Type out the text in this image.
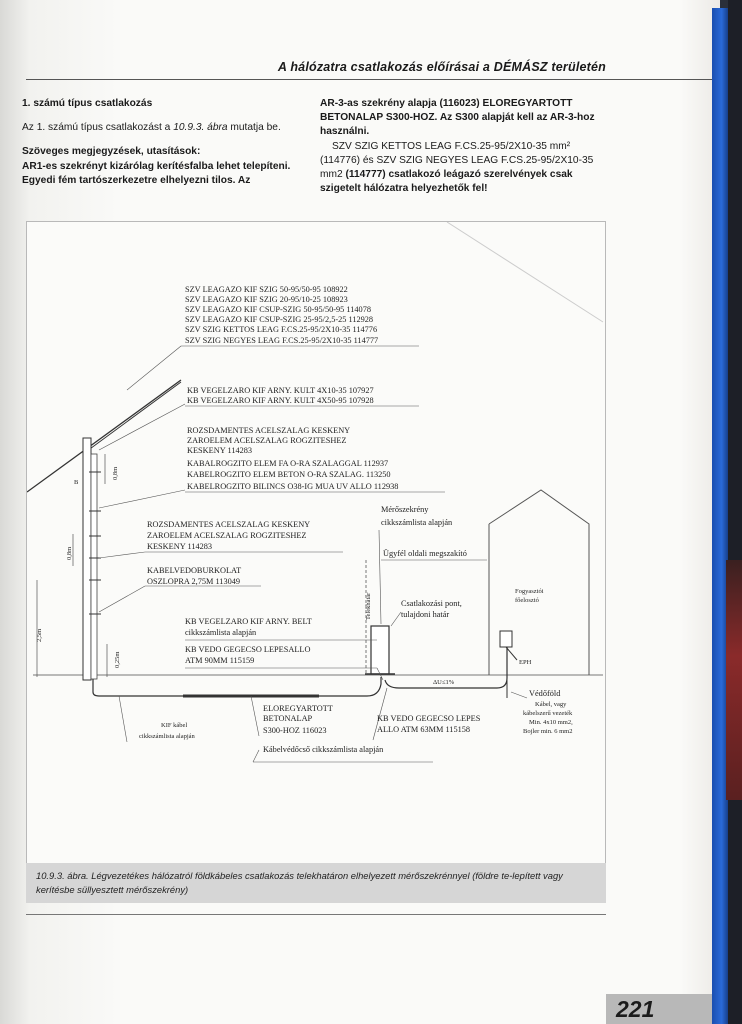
A hálózatra csatlakozás előírásai a DÉMÁSZ területén

1. számú típus csatlakozás

Az 1. számú típus csatlakozást a 10.9.3. ábra mutatja be.

Szöveges megjegyzések, utasítások:

AR1-es szekrényt kizárólag kerítésfalba lehet telepíteni. Egyedi fém tartószerkezetre elhelyezni tilos. Az

AR-3-as szekrény alapja (116023) ELOREGYARTOTT BETONALAP S300-HOZ. Az S300 alapját kell az AR-3-hoz használni.

SZV SZIG KETTOS LEAG F.CS.25-95/2X10-35 mm² (114776) és SZV SZIG NEGYES LEAG F.CS.25-95/2X10-35 mm2 (114777) csatlakozó leágazó szerelvények csak szigetelt hálózatra helyezhetők fel!

SZV LEAGAZO KIF SZIG 50-95/50-95 108922
SZV LEAGAZO KIF SZIG 20-95/10-25 108923
SZV LEAGAZO KIF CSUP-SZIG 50-95/50-95 114078
SZV LEAGAZO KIF CSUP-SZIG 25-95/2,5-25 112928
SZV SZIG KETTOS LEAG F.CS.25-95/2X10-35 114776
SZV SZIG NEGYES LEAG F.CS.25-95/2X10-35 114777
KB VEGELZARO KIF ARNY. KULT 4X10-35 107927
KB VEGELZARO KIF ARNY. KULT 4X50-95 107928
ROZSDAMENTES ACELSZALAG KESKENY
ZAROELEM ACELSZALAG ROGZITESHEZ
KESKENY 114283
KABALROGZITO ELEM FA O-RA SZALAGGAL 112937
KABELROGZITO ELEM BETON O-RA SZALAG. 113250
KABELROGZITO BILINCS O38-IG MUA UV ALLO 112938
ROZSDAMENTES ACELSZALAG KESKENY
ZAROELEM ACELSZALAG ROGZITESHEZ
KESKENY 114283
KABELVEDOBURKOLAT
OSZLOPRA 2,75M 113049
KB VEGELZARO KIF ARNY. BELT
cikkszámlista alapján
KB VEDO GEGECSO LEPESALLO
ATM 90MM 115159
Mérőszekrény
cikkszámlista alapján
Ügyfél oldali megszakító
Telekhatár	Csatlakozási pont,
tulajdoni határ
Fogyasztói
főelosztó
EPH
ΔU≤1%
Védőföld
Kábel, vagy
kábelszerű vezeték
Min. 4x10 mm2,
Bojler min. 6 mm2
KIF kábel
cikkszámlista alapján
ELOREGYARTOTT
BETONALAP
S300-HOZ 116023
KB VEDO GEGECSO LEPES
ALLO ATM 63MM 115158
Kábelvédőcső cikkszámlista alapján
2,5m
0,25m
0,8m
0,8m
B
10.9.3. ábra. Légvezetékes hálózatról földkábeles csatlakozás telekhatáron elhelyezett mérőszekrénnyel (földre te-lepített vagy kerítésbe süllyesztett mérőszekrény)
221
